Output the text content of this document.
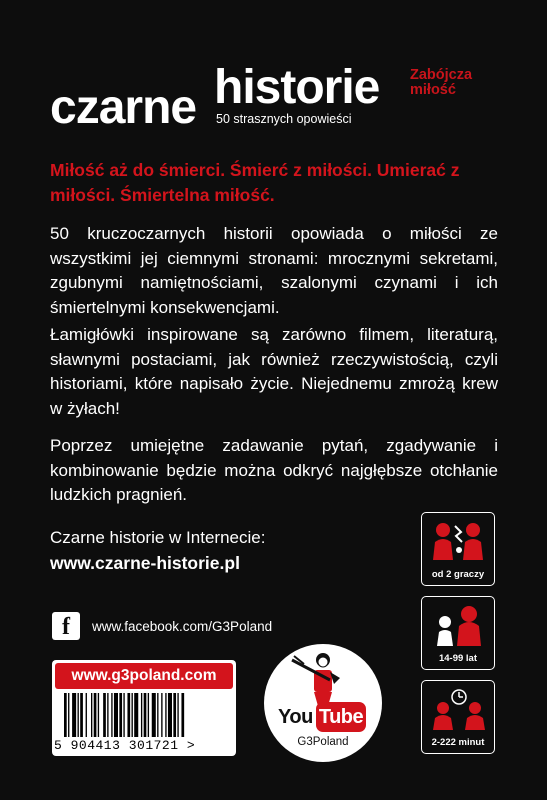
czarne historie
50 strasznych opowieści
Zabójcza
miłość
Miłość aż do śmierci. Śmierć z miłości. Umierać z miłości. Śmiertelna miłość.
50 kruczoczarnych historii opowiada o miłości ze wszystkimi jej ciemnymi stronami: mrocznymi sekretami, zgubnymi namiętnościami, szalonymi czynami i ich śmiertelnymi konsekwencjami.
Łamigłówki inspirowane są zarówno filmem, literaturą, sławnymi postaciami, jak również rzeczywistością, czyli historiami, które napisało życie. Niejednemu zmrożą krew w żyłach!
Poprzez umiejętne zadawanie pytań, zgadywanie i kombinowanie będzie można odkryć najgłębsze otchłanie ludzkich pragnień.
Czarne historie w Internecie:
www.czarne-historie.pl
f	www.facebook.com/G3Poland
www.g3poland.com
5 904413 301721 >
You Tube
G3Poland
od 2 graczy
14-99 lat
2-222 minut
